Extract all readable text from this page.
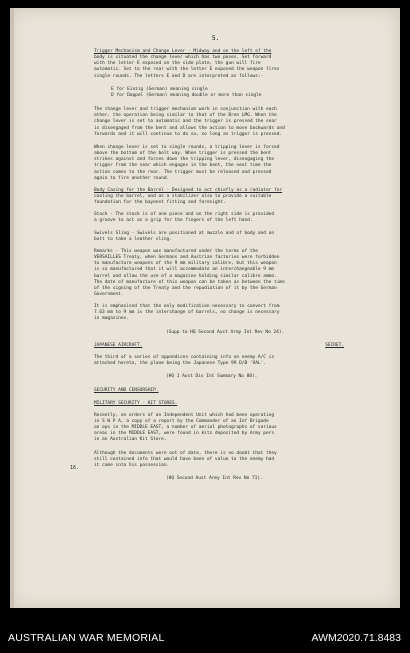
5.

Trigger Mechanism and Change Lever - Midway and on the left of the
body is situated the change lever which has two poses. Set forward
with the letter E exposed on the side plate, the gun will fire
automatic. Set to the rear with the letter E exposed the weapon fires
single rounds. The letters E and D are interpreted as follows:-

E for Einzig (German) meaning single
D for Doppel (German) meaning double or more than single

The change lever and trigger mechanism work in conjunction with each
other, the operation being similar to that of the Bren LMG. When the
change lever is set to automatic and the trigger is pressed the sear
is disengaged from the bent and allows the action to move backwards and
forwards and it will continue to do so, so long as trigger is pressed.

When change lever is set to single rounds, a tripping lever is forced
above the bottom of the bolt way. When trigger is pressed the bent
strikes against and forces down the tripping lever, disengaging the
trigger from the sear which engages in the bent, the next time the
action comes to the rear. The trigger must be released and pressed
again to fire another round.

Body Casing for the Barrel - Designed to act chiefly as a radiator for
cooling the barrel, and as a stabilizer also to provide a suitable
foundation for the bayonet fitting and foresight.

Stock - The stock is of one piece and on the right side is provided
a groove to act as a grip for the fingers of the left hand.

Swivels Sling - Swivels are positioned at muzzle and of body and on
butt to take a leather sling.

Remarks - This weapon was manufactured under the terms of the
VERSAILLES Treaty, when Germans and Austrian factories were forbidden
to manufacture weapons of the 9 mm military calibre, but this weapon
is so manufactured that it will accommodate an interchangeable 9 mm
barrel and allow the use of a magazine holding similar calibre ammo.
The date of manufacture of this weapon can be taken as between the time
of the signing of the Treaty and the repudiation of it by the German
Government.

It is emphasised that the only modification necessary to convert from
7.63 mm to 9 mm is the interchange of barrels, no change is necessary
in magazines.

(Supp to HQ Second Aust Army Int Rev No 24).

JAPANESE AIRCRAFT.	SECRET.

The third of a series of appendices containing info on enemy A/C is
attached hereto, the plane being the Japanese Type 99 D/B 'VAL'.

(HQ 1 Aust Div Int Summary No 88).

SECURITY AND CENSORSHIP.

MILITARY SECURITY - KIT STORES.

Recently, on orders of an Independent Unit which had been operating
in S W P A, a copy of a report by the Commander of an Inf Brigade
on ops in the MIDDLE EAST, a number of aerial photographs of various
areas in the MIDDLE EAST, were found in kits deposited by Army pers
in an Australian Kit Store.

Although the documents were out of date, there is no doubt that they
still contained info that would have been of value to the enemy had
it come into his possession.

(HQ Second Aust Army Int Rev No 71).

16.
AUSTRALIAN WAR MEMORIAL	AWM2020.71.8483
